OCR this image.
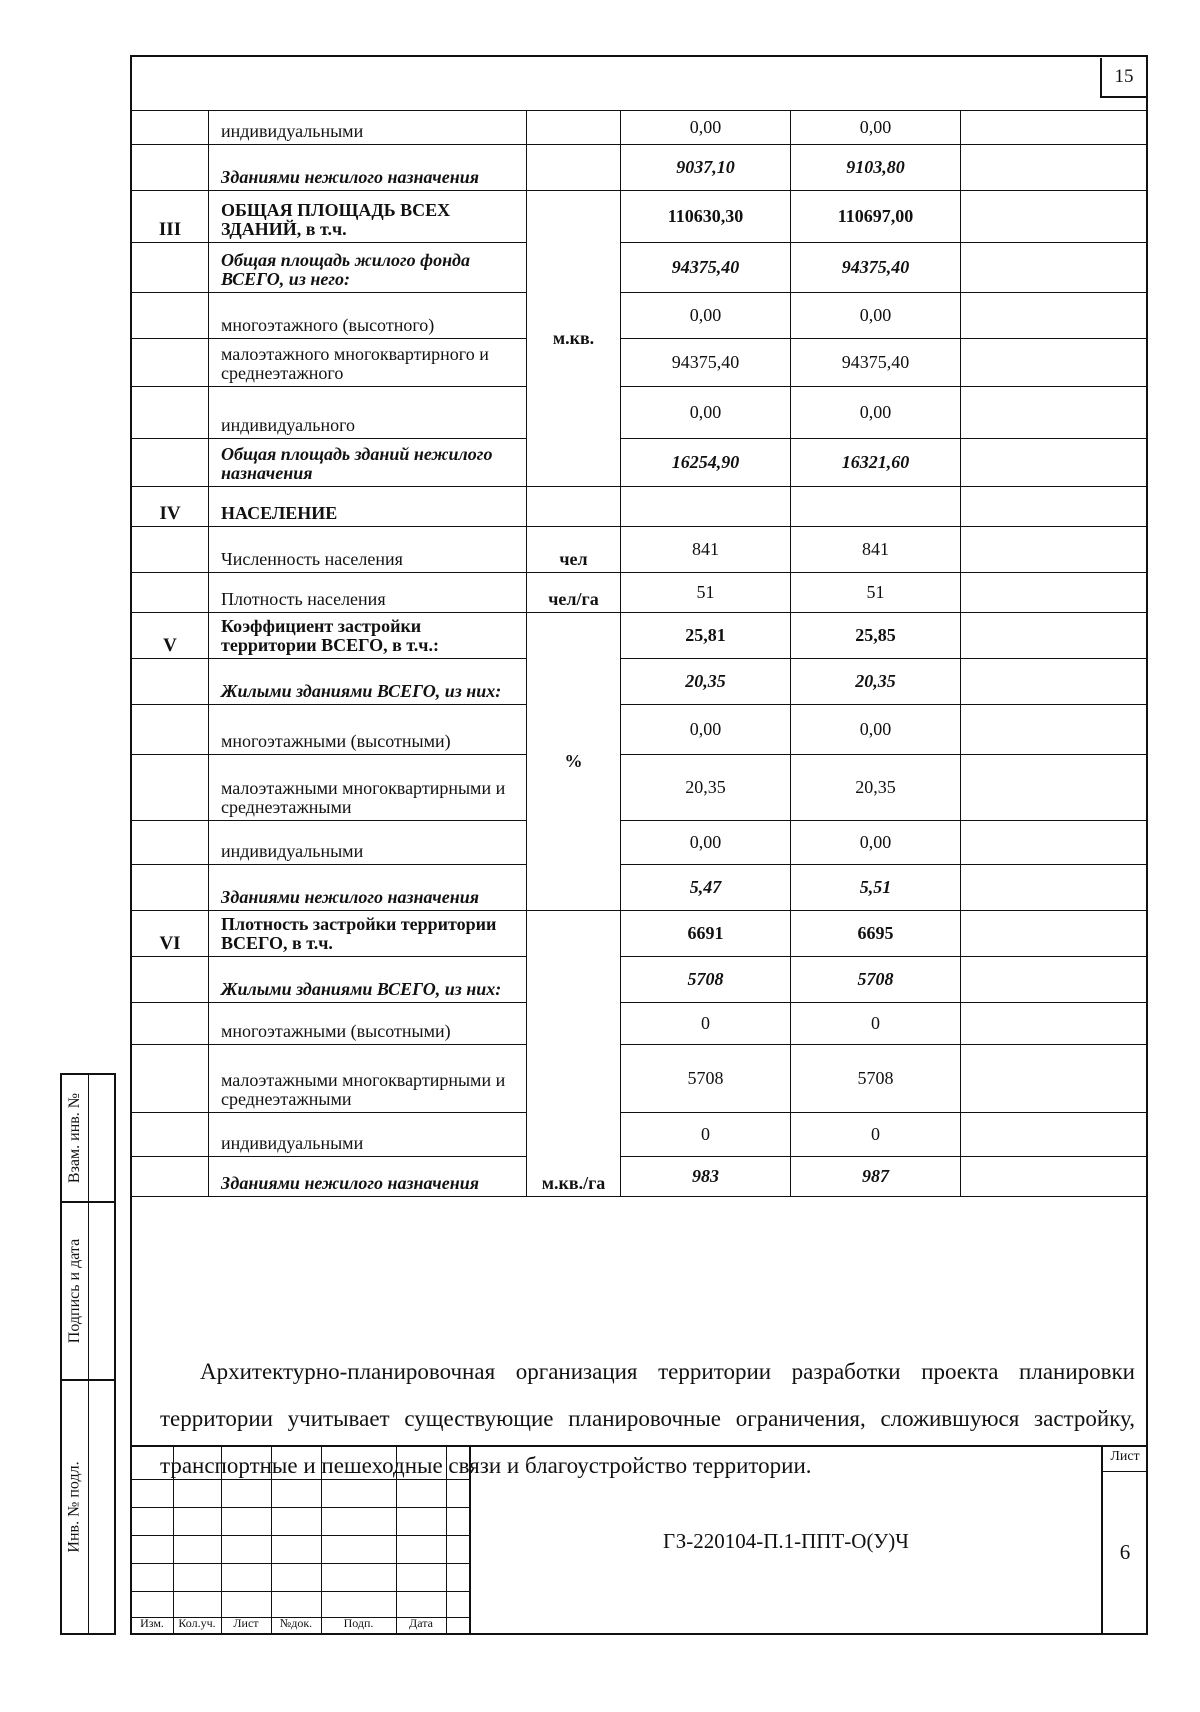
15
	индивидуальными		0,00	0,00	
	Зданиями нежилого назначения		9037,10	9103,80	
III	ОБЩАЯ ПЛОЩАДЬ ВСЕХ ЗДАНИЙ, в т.ч.	м.кв.	110630,30	110697,00	
	Общая площадь жилого фонда ВСЕГО, из него:		94375,40	94375,40	
	многоэтажного (высотного)		0,00	0,00	
	малоэтажного многоквартирного и среднеэтажного		94375,40	94375,40	
	индивидуального		0,00	0,00	
	Общая площадь зданий нежилого назначения		16254,90	16321,60	
IV	НАСЕЛЕНИЕ				
	Численность населения	чел	841	841	
	Плотность населения	чел/га	51	51	
V	Коэффициент застройки территории ВСЕГО, в т.ч.:	%	25,81	25,85	
	Жилыми зданиями ВСЕГО, из них:		20,35	20,35	
	многоэтажными (высотными)		0,00	0,00	
	малоэтажными многоквартирными и среднеэтажными		20,35	20,35	
	индивидуальными		0,00	0,00	
	Зданиями нежилого назначения		5,47	5,51	
VI	Плотность застройки территории ВСЕГО, в т.ч.	м.кв./га	6691	6695	
	Жилыми зданиями ВСЕГО, из них:		5708	5708	
	многоэтажными (высотными)		0	0	
	малоэтажными многоквартирными и среднеэтажными		5708	5708	
	индивидуальными		0	0	
	Зданиями нежилого назначения		983	987	

Архитектурно-планировочная организация территории разработки проекта планировки территории учитывает существующие планировочные ограничения, сложившуюся застройку, транспортные и пешеходные связи и благоустройство территории.

Взам. инв. №
Подпись и дата
Инв. № подл.
Изм.	Кол.уч.	Лист	№док.	Подп.	Дата
ГЗ-220104-П.1-ППТ-О(У)Ч
Лист
6
